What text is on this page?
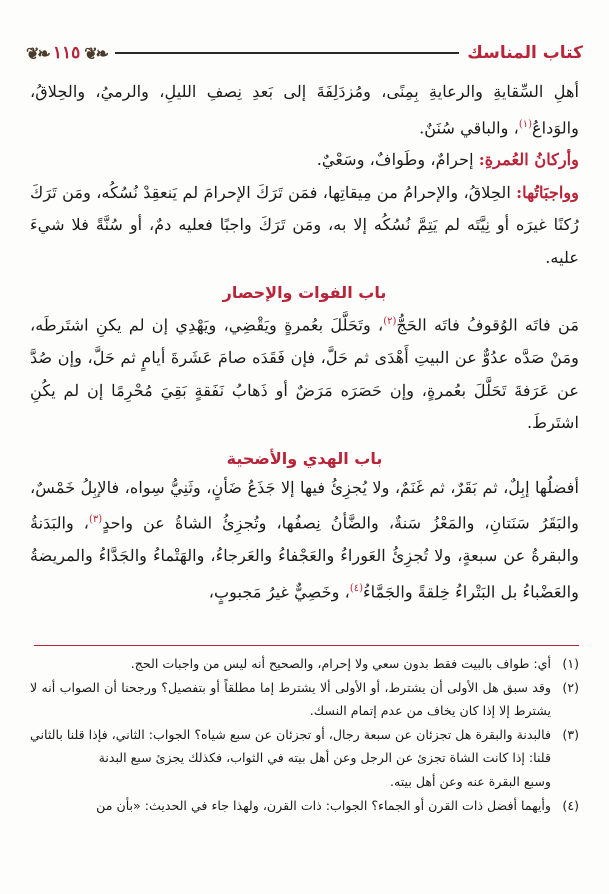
❦❧ ١١٥ ❦❧	كتاب المناسك

أهلِ السِّقايةِ والرعايةِ بِمِنًى، ومُزدَلِفَةَ إلى بَعدِ نِصفِ الليلِ، والرميُ، والحِلاقُ، والوَداعُ$^{(١)}$، والباقي سُنَنٌ.

وأركانُ العُمرةِ: إحرامٌ، وطَوافٌ، وسَعْيٌ.

وواجبَاتُها: الحِلاقُ، والإحرامُ من مِيقاتِها، فمَن تَرَكَ الإحرامَ لم يَنعقِدْ نُسُكُه، ومَن تَرَكَ رُكنًا غيرَه أو نِيَّتَه لم يَتِمَّ نُسُكُه إلا به، ومَن تَرَكَ واجبًا فعليه دمٌ، أو سُنَّةً فلا شيءَ عليه.

باب الفوات والإحصار

مَن فاتَه الوُقوفُ فاتَه الحَجُّ$^{(٢)}$، وتَحَلَّلَ بعُمرةٍ ويَقْضِي، ويَهْدِي إن لم يكنِ اشتَرطَه، ومَنْ صَدَّه عدُوٌّ عن البيتِ أَهْدَى ثم حَلَّ، فإن فَقَدَه صامَ عَشَرةَ أيامٍ ثم حَلَّ، وإن صُدَّ عن عَرَفةَ تَحَلَّلَ بعُمرةٍ، وإن حَصَرَه مَرَضٌ أو ذَهابُ نَفَقةٍ بَقِيَ مُحْرِمًا إن لم يكُنِ اشتَرطَ.

باب الهدي والأضحية

أفضلُها إبِلٌ، ثم بَقَرٌ، ثم غَنَمٌ، ولا يُجزِئُ فيها إلا جَذَعُ ضَأنٍ، وثَنِيُّ سِواه، فالإبِلُ خَمْسٌ، والبَقَرُ سَنَتانِ، والمَعْزُ سَنةٌ، والضَّأنُ نِصفُها، وتُجزِئُ الشاةُ عن واحدٍ$^{(٣)}$، والبَدَنةُ والبقرةُ عن سبعةٍ، ولا تُجزِئُ العَوراءُ والعَجْفاءُ والعَرجاءُ، والهَتْماءُ والجَدَّاءُ والمريضةُ والعَضْباءُ بل البَتْراءُ خِلقةً والجَمَّاءُ$^{(٤)}$، وخَصِيٌّ غيرُ مَجبوبٍ،

(١)

أي: طواف بالبيت فقط بدون سعي ولا إحرام، والصحيح أنه ليس من واجبات الحج.

(٢)

وقد سبق هل الأولى أن يشترط، أو الأولى ألا يشترط إما مطلقاً أو بتفصيل؟ ورجحنا أن الصواب أنه لا يشترط إلا إذا كان يخاف من عدم إتمام النسك.

(٣)

فالبدنة والبقرة هل تجزئان عن سبعة رجال، أو تجزئان عن سبع شياه؟ الجواب: الثاني، فإذا قلنا بالثاني قلنا: إذا كانت الشاة تجزئ عن الرجل وعن أهل بيته في الثواب، فكذلك يجزئ سبع البدنة

وسبع البقرة عنه وعن أهل بيته.

(٤)

وأيهما أفضل ذات القرن أو الجماء؟ الجواب: ذات القرن، ولهذا جاء في الحديث: «بأن من
